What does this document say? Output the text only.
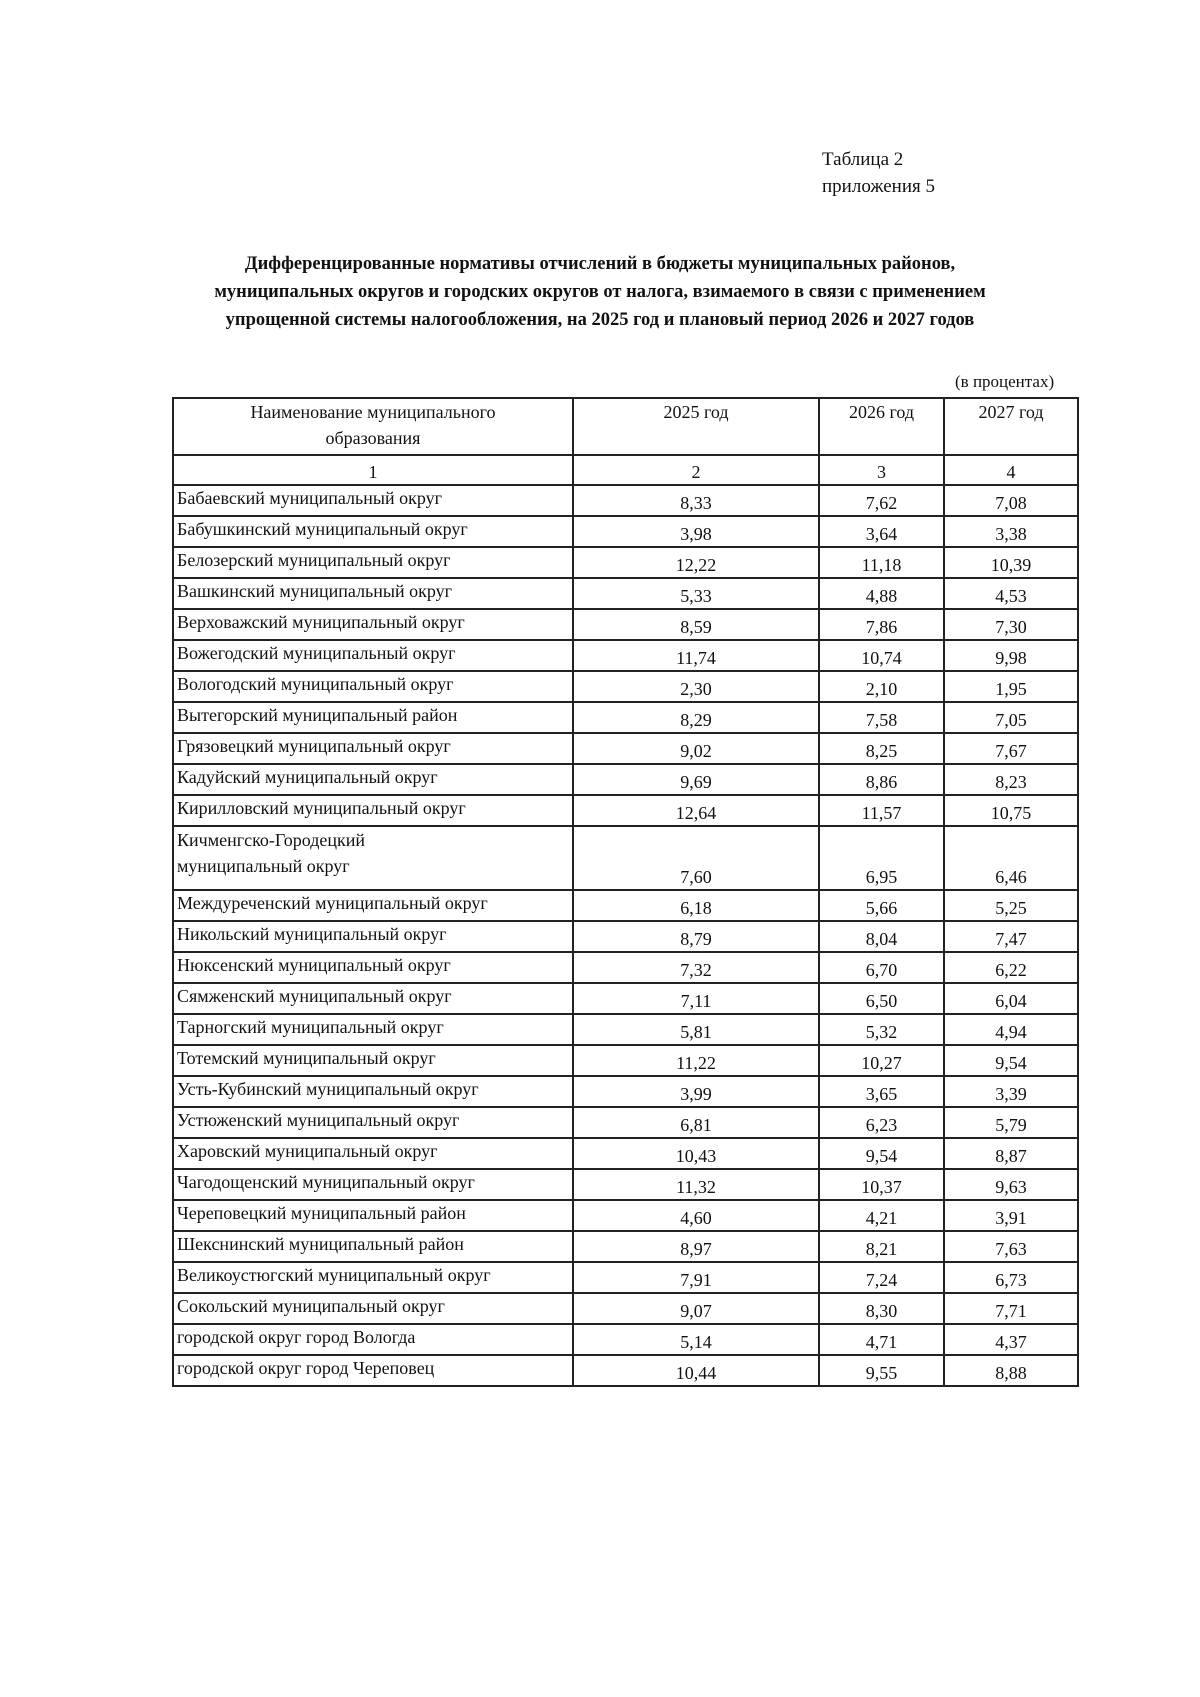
Таблица 2
приложения 5
Дифференцированные нормативы отчислений в бюджеты муниципальных районов,
муниципальных округов и городских округов от налога, взимаемого в связи с применением
упрощенной системы налогообложения, на 2025 год и плановый период 2026 и 2027 годов
(в процентах)
Наименование муниципального
образования	2025 год	2026 год	2027 год
1	2	3	4
Бабаевский муниципальный округ	8,33	7,62	7,08
Бабушкинский муниципальный округ	3,98	3,64	3,38
Белозерский муниципальный округ	12,22	11,18	10,39
Вашкинский муниципальный округ	5,33	4,88	4,53
Верховажский муниципальный округ	8,59	7,86	7,30
Вожегодский муниципальный округ	11,74	10,74	9,98
Вологодский муниципальный округ	2,30	2,10	1,95
Вытегорский муниципальный район	8,29	7,58	7,05
Грязовецкий муниципальный округ	9,02	8,25	7,67
Кадуйский муниципальный округ	9,69	8,86	8,23
Кирилловский муниципальный округ	12,64	11,57	10,75

Кичменгско-Городецкий
муниципальный округ	7,60	6,95	6,46
Междуреченский муниципальный округ	6,18	5,66	5,25
Никольский муниципальный округ	8,79	8,04	7,47
Нюксенский муниципальный округ	7,32	6,70	6,22
Сямженский муниципальный округ	7,11	6,50	6,04
Тарногский муниципальный округ	5,81	5,32	4,94
Тотемский муниципальный округ	11,22	10,27	9,54
Усть-Кубинский муниципальный округ	3,99	3,65	3,39
Устюженский муниципальный округ	6,81	6,23	5,79
Харовский муниципальный округ	10,43	9,54	8,87
Чагодощенский муниципальный округ	11,32	10,37	9,63
Череповецкий муниципальный район	4,60	4,21	3,91
Шекснинский муниципальный район	8,97	8,21	7,63
Великоустюгский муниципальный округ	7,91	7,24	6,73
Сокольский муниципальный округ	9,07	8,30	7,71
городской округ город Вологда	5,14	4,71	4,37
городской округ город Череповец	10,44	9,55	8,88
